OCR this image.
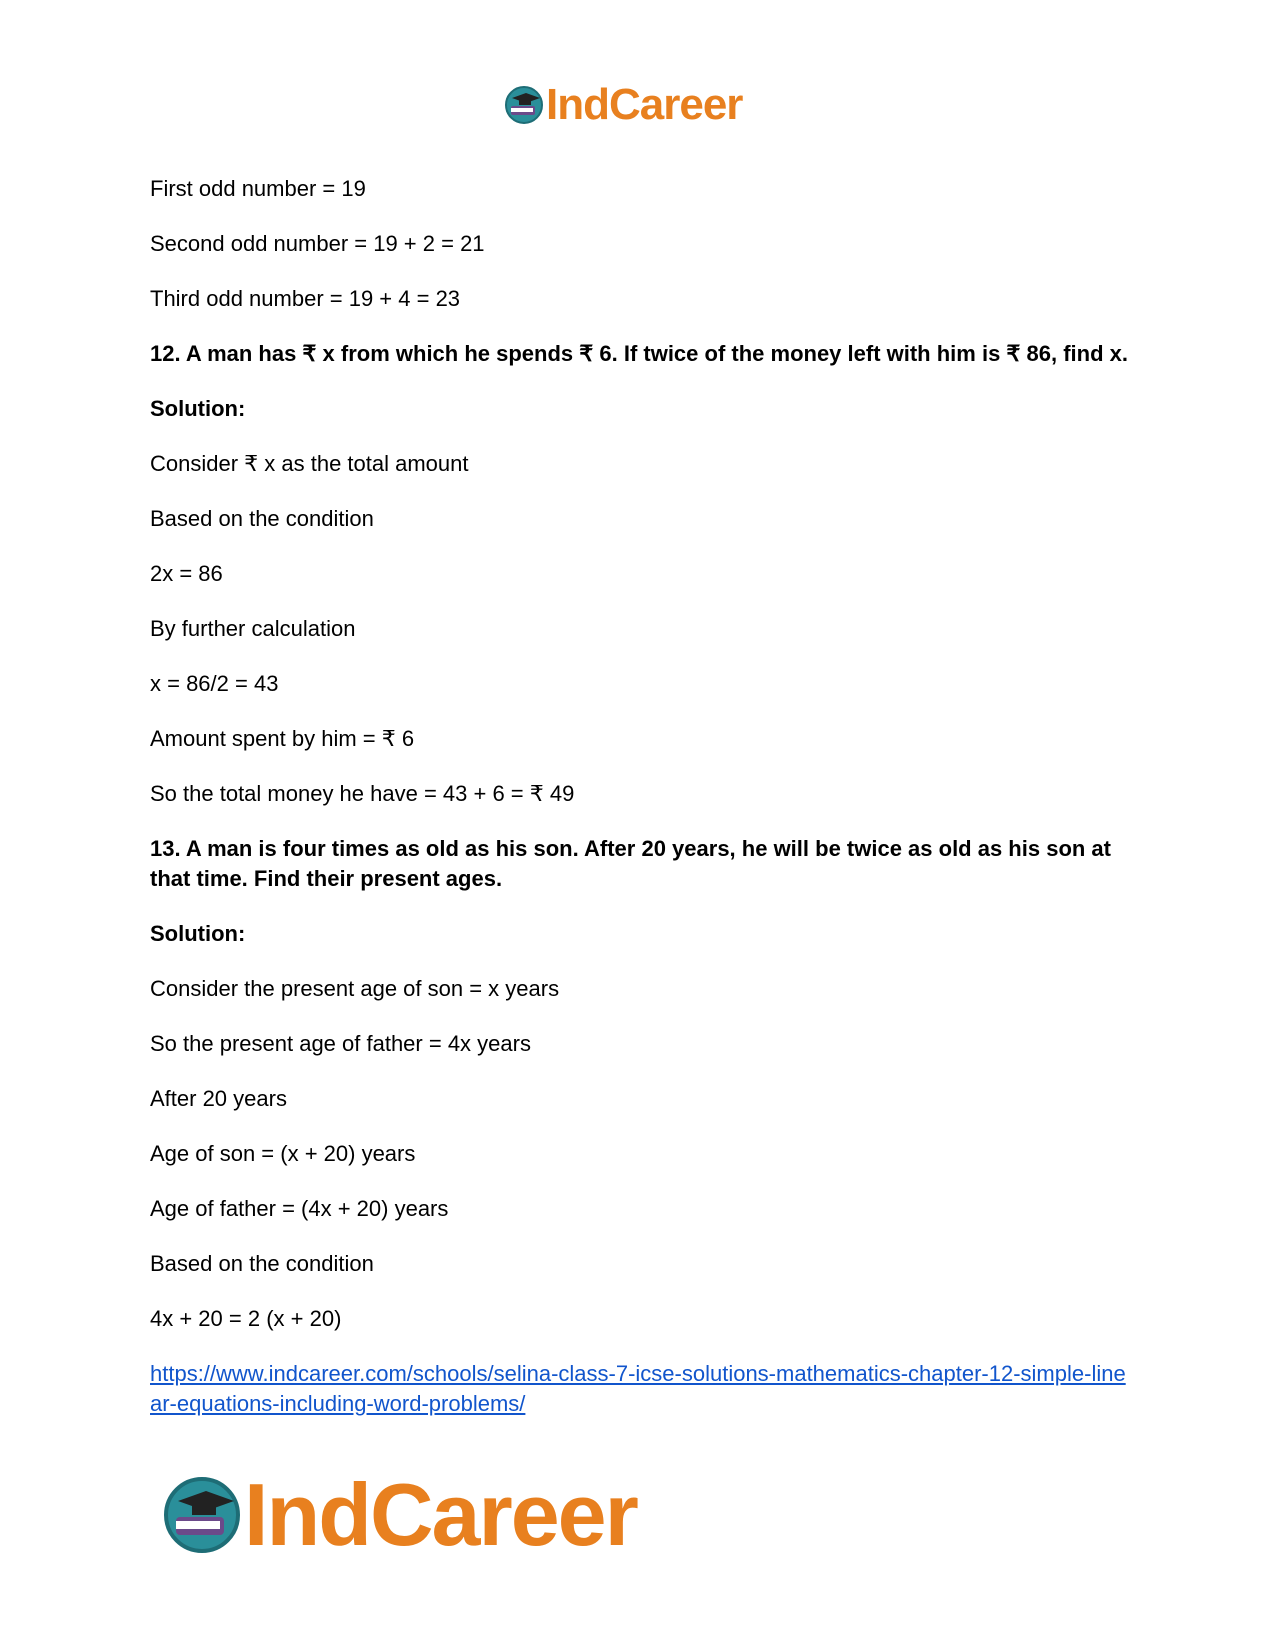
IndCareer

First odd number = 19

Second odd number = 19 + 2 = 21

Third odd number = 19 + 4 = 23

12. A man has ₹ x from which he spends ₹ 6. If twice of the money left with him is ₹ 86, find x.

Solution:

Consider ₹ x as the total amount

Based on the condition

2x = 86

By further calculation

x = 86/2 = 43

Amount spent by him = ₹ 6

So the total money he have = 43 + 6 = ₹ 49

13. A man is four times as old as his son. After 20 years, he will be twice as old as his son at that time. Find their present ages.

Solution:

Consider the present age of son = x years

So the present age of father = 4x years

After 20 years

Age of son = (x + 20) years

Age of father = (4x + 20) years

Based on the condition

4x + 20 = 2 (x + 20)

https://www.indcareer.com/schools/selina-class-7-icse-solutions-mathematics-chapter-12-simple-linear-equations-including-word-problems/
IndCareer
